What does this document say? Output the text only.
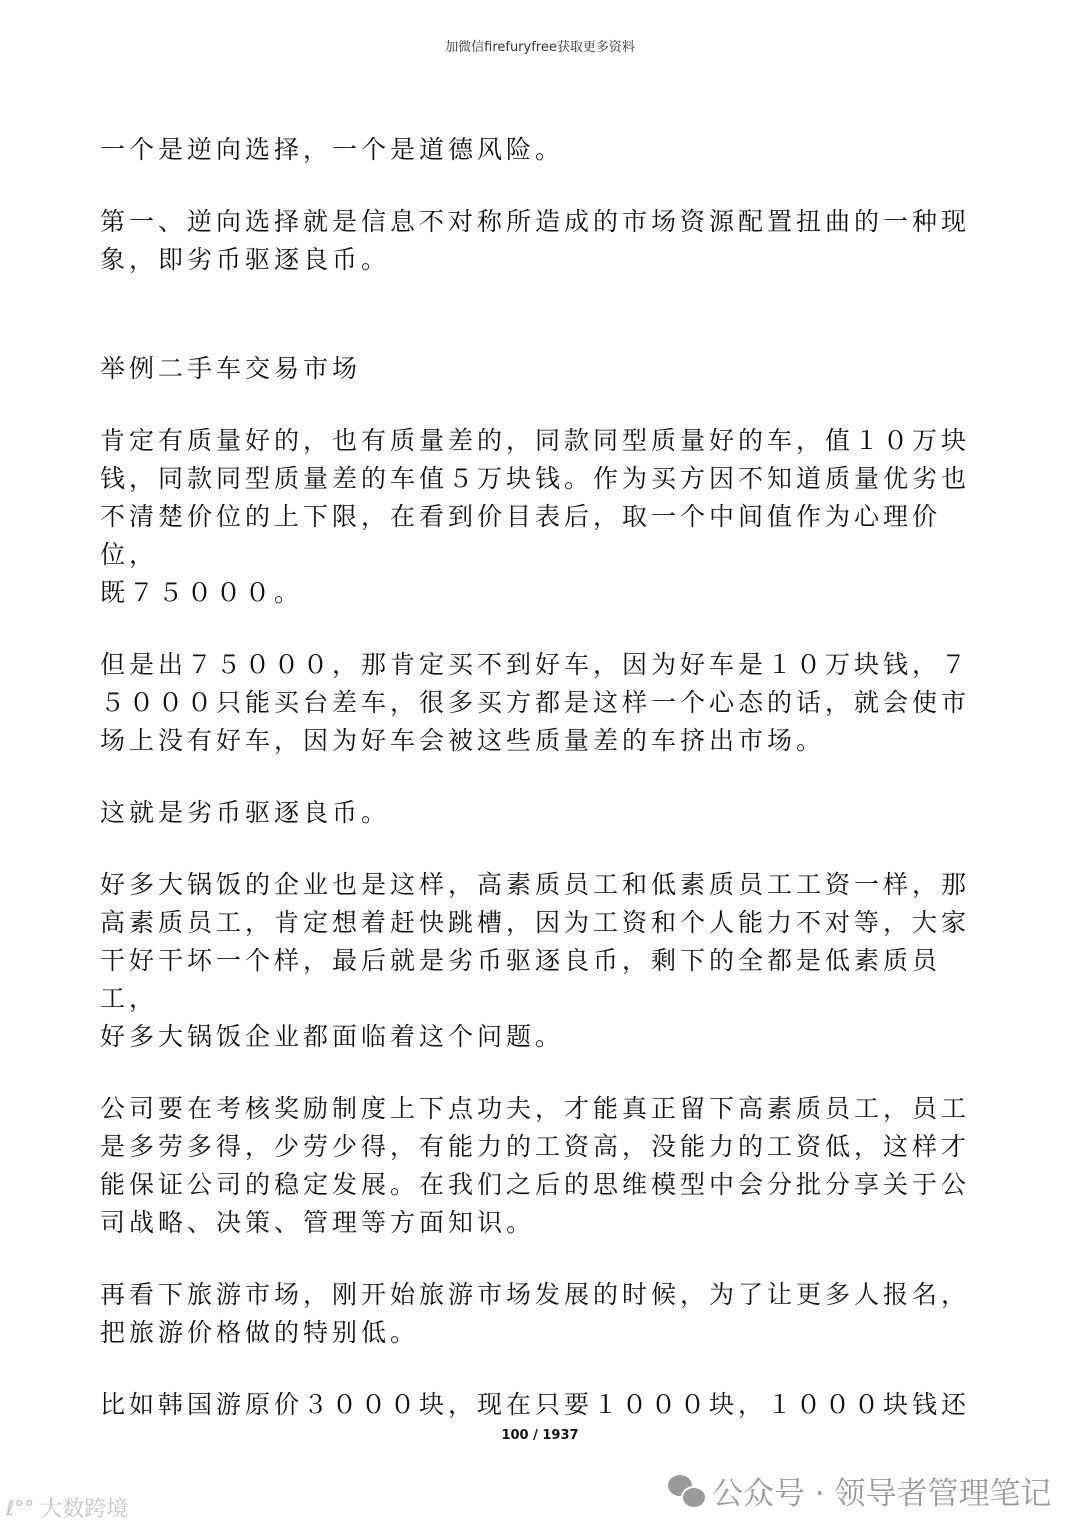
加微信firefuryfree获取更多资料
一个是逆向选择，一个是道德风险。
第一、逆向选择就是信息不对称所造成的市场资源配置扭曲的一种现
象，即劣币驱逐良币。
举例二手车交易市场
肯定有质量好的，也有质量差的，同款同型质量好的车，值１０万块
钱，同款同型质量差的车值５万块钱。作为买方因不知道质量优劣也
不清楚价位的上下限，在看到价目表后，取一个中间值作为心理价位，
既７５０００。
但是出７５０００，那肯定买不到好车，因为好车是１０万块钱，７
５０００只能买台差车，很多买方都是这样一个心态的话，就会使市
场上没有好车，因为好车会被这些质量差的车挤出市场。
这就是劣币驱逐良币。
好多大锅饭的企业也是这样，高素质员工和低素质员工工资一样，那
高素质员工，肯定想着赶快跳槽，因为工资和个人能力不对等，大家
干好干坏一个样，最后就是劣币驱逐良币，剩下的全都是低素质员工，
好多大锅饭企业都面临着这个问题。
公司要在考核奖励制度上下点功夫，才能真正留下高素质员工，员工
是多劳多得，少劳少得，有能力的工资高，没能力的工资低，这样才
能保证公司的稳定发展。在我们之后的思维模型中会分批分享关于公
司战略、决策、管理等方面知识。
再看下旅游市场，刚开始旅游市场发展的时候，为了让更多人报名，
把旅游价格做的特别低。
比如韩国游原价３０００块，现在只要１０００块，１０００块钱还
100 / 1937
公众号 · 领导者管理笔记
ℓ°° 大数跨境
